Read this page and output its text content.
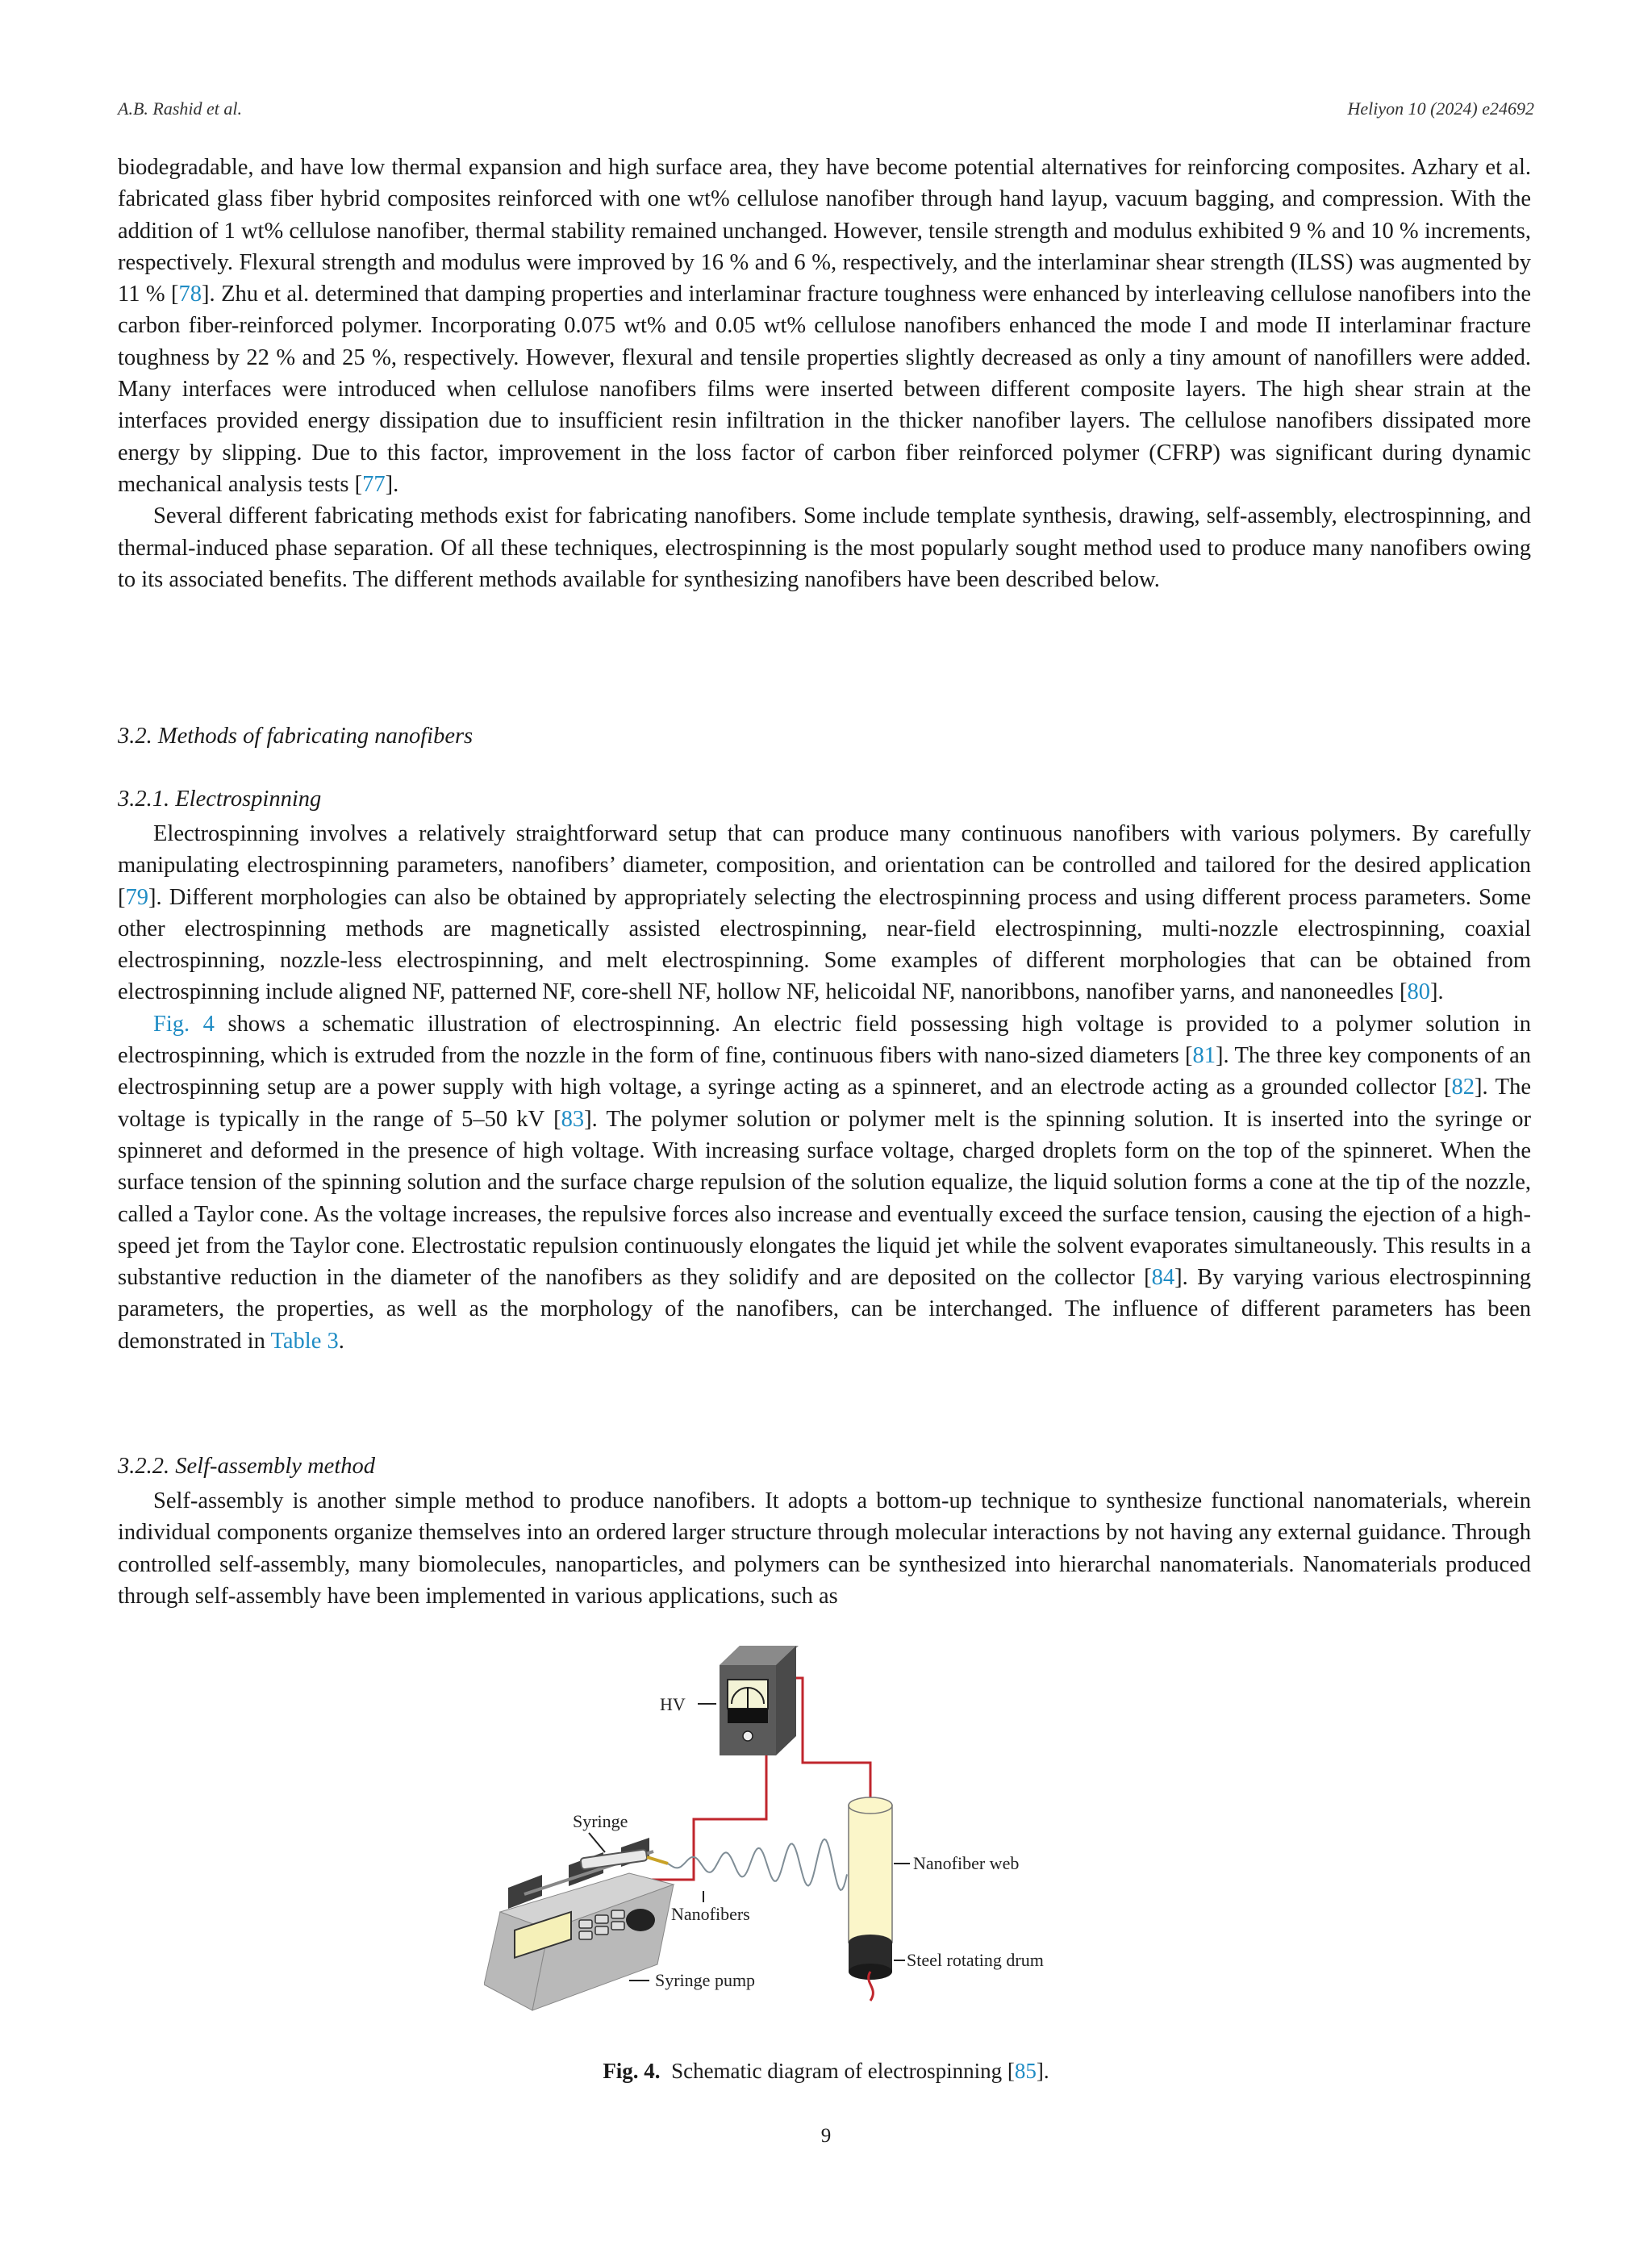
A.B. Rashid et al.	Heliyon 10 (2024) e24692

biodegradable, and have low thermal expansion and high surface area, they have become potential alternatives for reinforcing composites. Azhary et al. fabricated glass fiber hybrid composites reinforced with one wt% cellulose nanofiber through hand layup, vacuum bagging, and compression. With the addition of 1 wt% cellulose nanofiber, thermal stability remained unchanged. However, tensile strength and modulus exhibited 9 % and 10 % increments, respectively. Flexural strength and modulus were improved by 16 % and 6 %, respectively, and the interlaminar shear strength (ILSS) was augmented by 11 % [78]. Zhu et al. determined that damping properties and interlaminar fracture toughness were enhanced by interleaving cellulose nanofibers into the carbon fiber-reinforced polymer. Incorporating 0.075 wt% and 0.05 wt% cellulose nanofibers enhanced the mode I and mode II interlaminar fracture toughness by 22 % and 25 %, respectively. However, flexural and tensile properties slightly decreased as only a tiny amount of nanofillers were added. Many interfaces were introduced when cellulose nanofibers films were inserted between different composite layers. The high shear strain at the interfaces provided energy dissipation due to insufficient resin infiltration in the thicker nanofiber layers. The cellulose nanofibers dissipated more energy by slipping. Due to this factor, improvement in the loss factor of carbon fiber reinforced polymer (CFRP) was significant during dynamic mechanical analysis tests [77].

Several different fabricating methods exist for fabricating nanofibers. Some include template synthesis, drawing, self-assembly, electrospinning, and thermal-induced phase separation. Of all these techniques, electrospinning is the most popularly sought method used to produce many nanofibers owing to its associated benefits. The different methods available for synthesizing nanofibers have been described below.

3.2. Methods of fabricating nanofibers
3.2.1. Electrospinning

Electrospinning involves a relatively straightforward setup that can produce many continuous nanofibers with various polymers. By carefully manipulating electrospinning parameters, nanofibers’ diameter, composition, and orientation can be controlled and tailored for the desired application [79]. Different morphologies can also be obtained by appropriately selecting the electrospinning process and using different process parameters. Some other electrospinning methods are magnetically assisted electrospinning, near-field electrospinning, multi-nozzle electrospinning, coaxial electrospinning, nozzle-less electrospinning, and melt electrospinning. Some examples of different morphologies that can be obtained from electrospinning include aligned NF, patterned NF, core-shell NF, hollow NF, helicoidal NF, nanoribbons, nanofiber yarns, and nanoneedles [80].

Fig. 4 shows a schematic illustration of electrospinning. An electric field possessing high voltage is provided to a polymer solution in electrospinning, which is extruded from the nozzle in the form of fine, continuous fibers with nano-sized diameters [81]. The three key components of an electrospinning setup are a power supply with high voltage, a syringe acting as a spinneret, and an electrode acting as a grounded collector [82]. The voltage is typically in the range of 5–50 kV [83]. The polymer solution or polymer melt is the spinning solution. It is inserted into the syringe or spinneret and deformed in the presence of high voltage. With increasing surface voltage, charged droplets form on the top of the spinneret. When the surface tension of the spinning solution and the surface charge repulsion of the solution equalize, the liquid solution forms a cone at the tip of the nozzle, called a Taylor cone. As the voltage increases, the repulsive forces also increase and eventually exceed the surface tension, causing the ejection of a high-speed jet from the Taylor cone. Electrostatic repulsion continuously elongates the liquid jet while the solvent evaporates simultaneously. This results in a substantive reduction in the diameter of the nanofibers as they solidify and are deposited on the collector [84]. By varying various electrospinning parameters, the properties, as well as the morphology of the nanofibers, can be interchanged. The influence of different parameters has been demonstrated in Table 3.

3.2.2. Self-assembly method

Self-assembly is another simple method to produce nanofibers. It adopts a bottom-up technique to synthesize functional nanomaterials, wherein individual components organize themselves into an ordered larger structure through molecular interactions by not having any external guidance. Through controlled self-assembly, many biomolecules, nanoparticles, and polymers can be synthesized into hierarchal nanomaterials. Nanomaterials produced through self-assembly have been implemented in various applications, such as

HV
Syringe pump
Syringe
Nanofibers
Nanofiber web
Steel rotating drum
Fig. 4. Schematic diagram of electrospinning [85].
9
